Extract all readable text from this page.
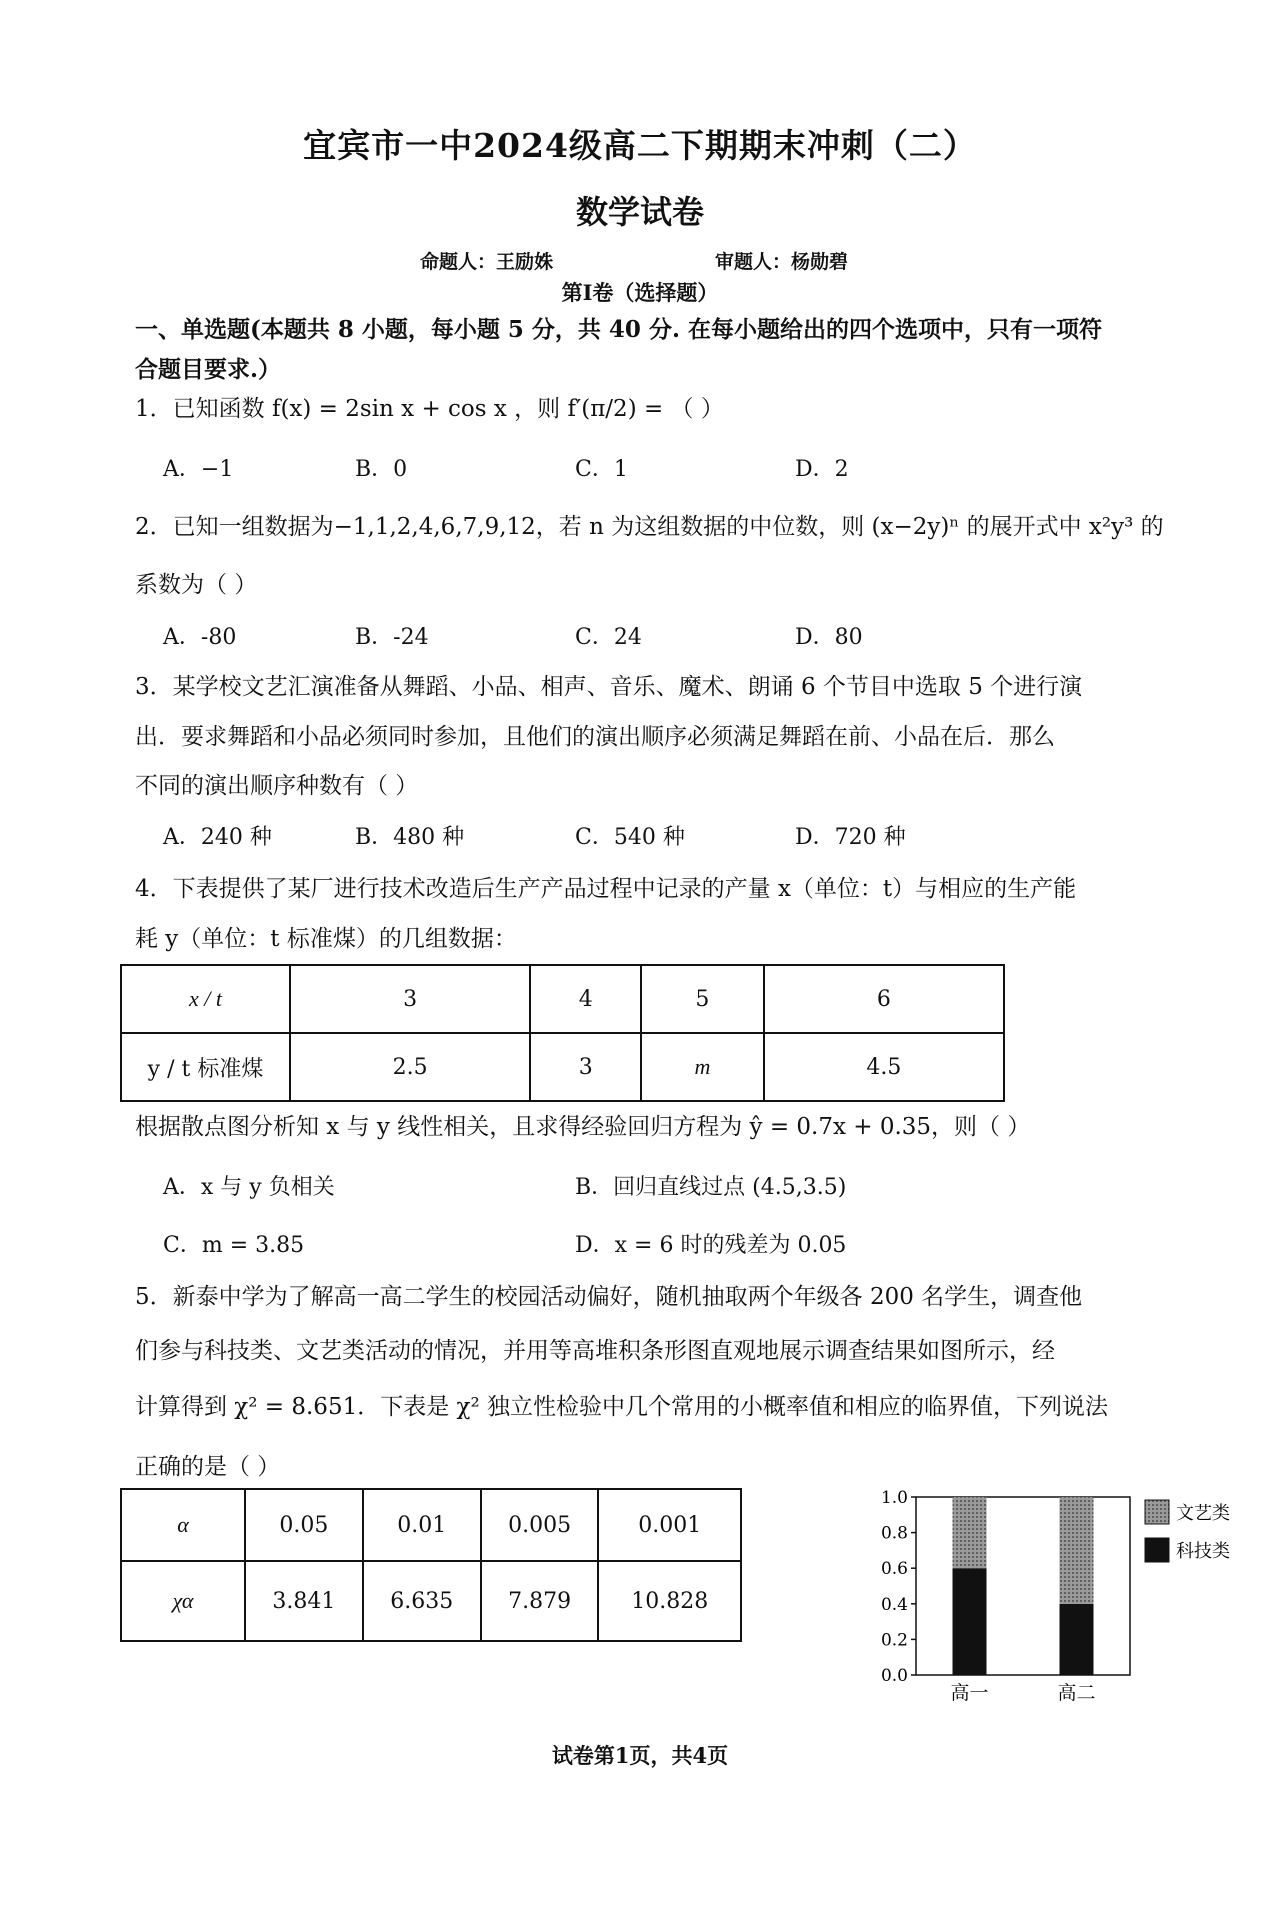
宜宾市一中2024级高二下期期末冲刺（二）
数学试卷
命题人：王励姝	审题人：杨勋碧
第Ⅰ卷（选择题）
一、单选题(本题共 8 小题，每小题 5 分，共 40 分. 在每小题给出的四个选项中，只有一项符
合题目要求.）
1．已知函数 f(x) = 2sin x + cos x ，则 f′(π/2) = （ ）
A．−1	B．0	C．1	D．2
2．已知一组数据为−1,1,2,4,6,7,9,12，若 n 为这组数据的中位数，则 (x−2y)ⁿ 的展开式中 x²y³ 的
系数为（ ）
A．-80	B．-24	C．24	D．80
3．某学校文艺汇演准备从舞蹈、小品、相声、音乐、魔术、朗诵 6 个节目中选取 5 个进行演
出．要求舞蹈和小品必须同时参加，且他们的演出顺序必须满足舞蹈在前、小品在后．那么
不同的演出顺序种数有（ ）
A．240 种	B．480 种	C．540 种	D．720 种
4．下表提供了某厂进行技术改造后生产产品过程中记录的产量 x（单位：t）与相应的生产能
耗 y（单位：t 标准煤）的几组数据：
x / t	3	4	5	6
y / t 标准煤	2.5	3	m	4.5
根据散点图分析知 x 与 y 线性相关，且求得经验回归方程为 ŷ = 0.7x + 0.35，则（ ）
A．x 与 y 负相关	B．回归直线过点 (4.5,3.5)
C．m = 3.85	D．x = 6 时的残差为 0.05
5．新泰中学为了解高一高二学生的校园活动偏好，随机抽取两个年级各 200 名学生，调查他
们参与科技类、文艺类活动的情况，并用等高堆积条形图直观地展示调查结果如图所示，经
计算得到 χ² = 8.651．下表是 χ² 独立性检验中几个常用的小概率值和相应的临界值，下列说法
正确的是（ ）
α	0.05	0.01	0.005	0.001
χα	3.841	6.635	7.879	10.828
0.0
0.2
0.4
0.6
0.8
1.0
高一	高二
文艺类
科技类
试卷第1页，共4页
